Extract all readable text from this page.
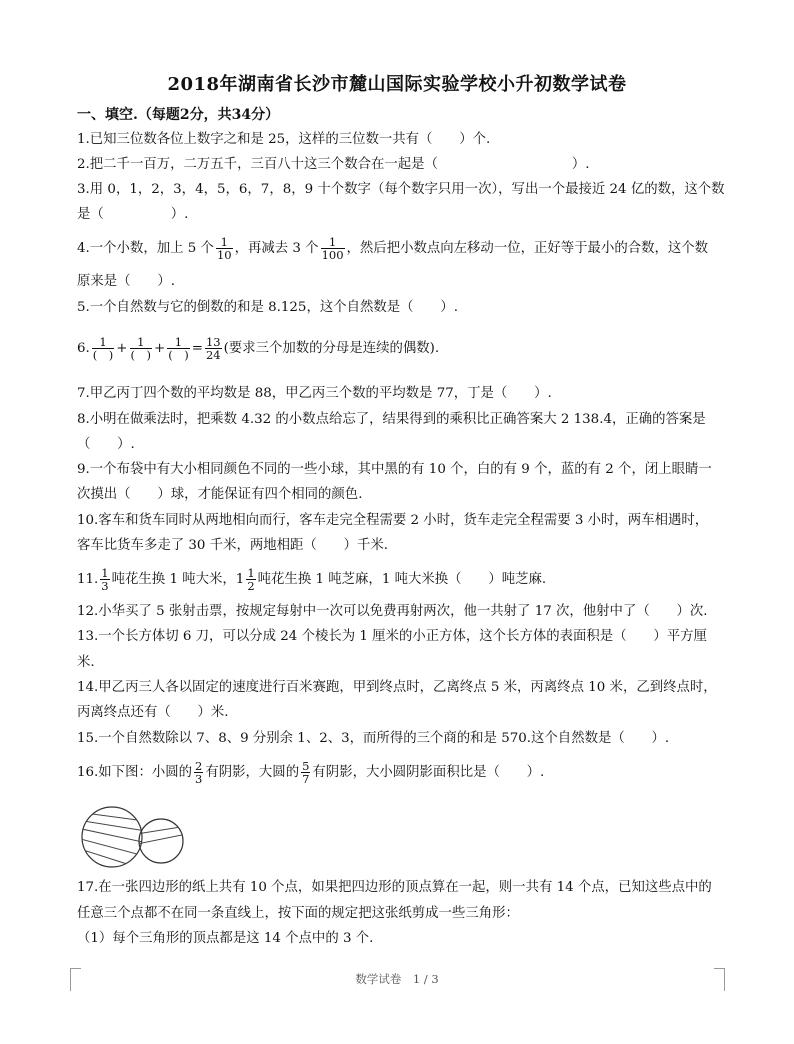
2018年湖南省长沙市麓山国际实验学校小升初数学试卷
一、填空.（每题2分，共34分）
1.已知三位数各位上数字之和是 25，这样的三位数一共有（　　）个.
2.把二千一百万，二万五千，三百八十这三个数合在一起是（　　　　　　　　　　）.
3.用 0，1，2，3，4，5，6，7，8，9 十个数字（每个数字只用一次），写出一个最接近 24 亿的数，这个数
是（　　　　　）.
4.一个小数，加上 5 个 $\frac{1}{10}$ ，再减去 3 个 $\frac{1}{100}$ ，然后把小数点向左移动一位，正好等于最小的合数，这个数
原来是（　　）.
5.一个自然数与它的倒数的和是 8.125，这个自然数是（　　）.
6. $\frac{1}{( )} + \frac{1}{( )} + \frac{1}{( )} = \frac{13}{24}$ (要求三个加数的分母是连续的偶数).
7.甲乙丙丁四个数的平均数是 88，甲乙丙三个数的平均数是 77，丁是（　　）.
8.小明在做乘法时，把乘数 4.32 的小数点给忘了，结果得到的乘积比正确答案大 2 138.4，正确的答案是
（　　）.
9.一个布袋中有大小相同颜色不同的一些小球，其中黑的有 10 个，白的有 9 个，蓝的有 2 个，闭上眼睛一
次摸出（　　）球，才能保证有四个相同的颜色.
10.客车和货车同时从两地相向而行，客车走完全程需要 2 小时，货车走完全程需要 3 小时，两车相遇时，
客车比货车多走了 30 千米，两地相距（　　）千米.
11. $\frac{1}{3}$ 吨花生换 1 吨大米，$1 \frac{1}{2}$ 吨花生换 1 吨芝麻，1 吨大米换（　　）吨芝麻.
12.小华买了 5 张射击票，按规定每射中一次可以免费再射两次，他一共射了 17 次，他射中了（　　）次.
13.一个长方体切 6 刀，可以分成 24 个棱长为 1 厘米的小正方体，这个长方体的表面积是（　　）平方厘
米.
14.甲乙丙三人各以固定的速度进行百米赛跑，甲到终点时，乙离终点 5 米，丙离终点 10 米，乙到终点时，
丙离终点还有（　　）米.
15.一个自然数除以 7、8、9 分别余 1、2、3，而所得的三个商的和是 570.这个自然数是（　　）.
16.如下图：小圆的 $\frac{2}{3}$ 有阴影，大圆的 $\frac{5}{7}$ 有阴影，大小圆阴影面积比是（　　）.
17.在一张四边形的纸上共有 10 个点，如果把四边形的顶点算在一起，则一共有 14 个点，已知这些点中的
任意三个点都不在同一条直线上，按下面的规定把这张纸剪成一些三角形：
（1）每个三角形的顶点都是这 14 个点中的 3 个.
数学试卷　1 / 3
